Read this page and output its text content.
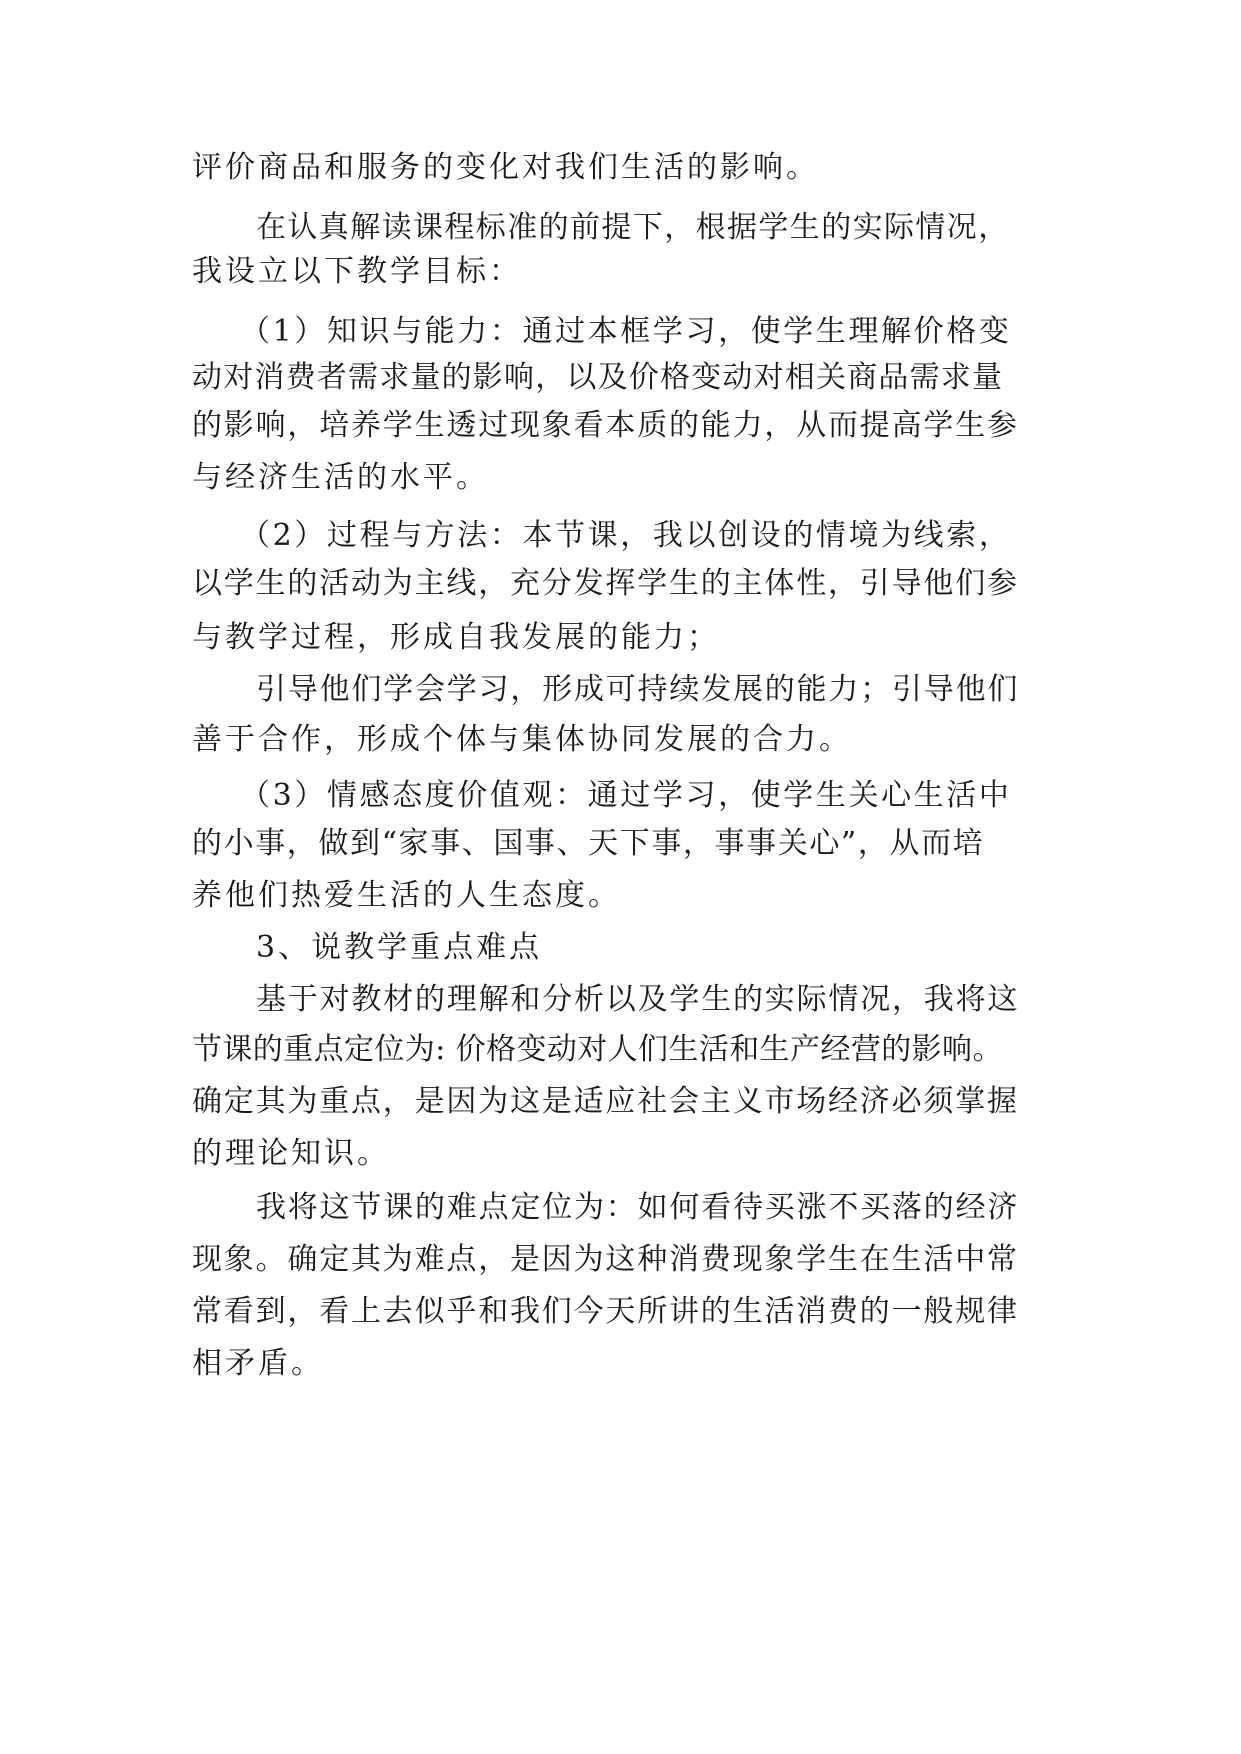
评价商品和服务的变化对我们生活的影响。

在认真解读课程标准的前提下，根据学生的实际情况，

我设立以下教学目标：

（1）知识与能力：通过本框学习，使学生理解价格变

动对消费者需求量的影响，以及价格变动对相关商品需求量

的影响，培养学生透过现象看本质的能力，从而提高学生参

与经济生活的水平。

（2）过程与方法：本节课，我以创设的情境为线索，

以学生的活动为主线，充分发挥学生的主体性，引导他们参

与教学过程，形成自我发展的能力；

引导他们学会学习，形成可持续发展的能力；引导他们

善于合作，形成个体与集体协同发展的合力。

（3）情感态度价值观：通过学习，使学生关心生活中

的小事，做到“家事、国事、天下事，事事关心”，从而培

养他们热爱生活的人生态度。

3、说教学重点难点

基于对教材的理解和分析以及学生的实际情况，我将这

节课的重点定位为: 价格变动对人们生活和生产经营的影响。

确定其为重点，是因为这是适应社会主义市场经济必须掌握

的理论知识。

我将这节课的难点定位为：如何看待买涨不买落的经济

现象。确定其为难点，是因为这种消费现象学生在生活中常

常看到，看上去似乎和我们今天所讲的生活消费的一般规律

相矛盾。
